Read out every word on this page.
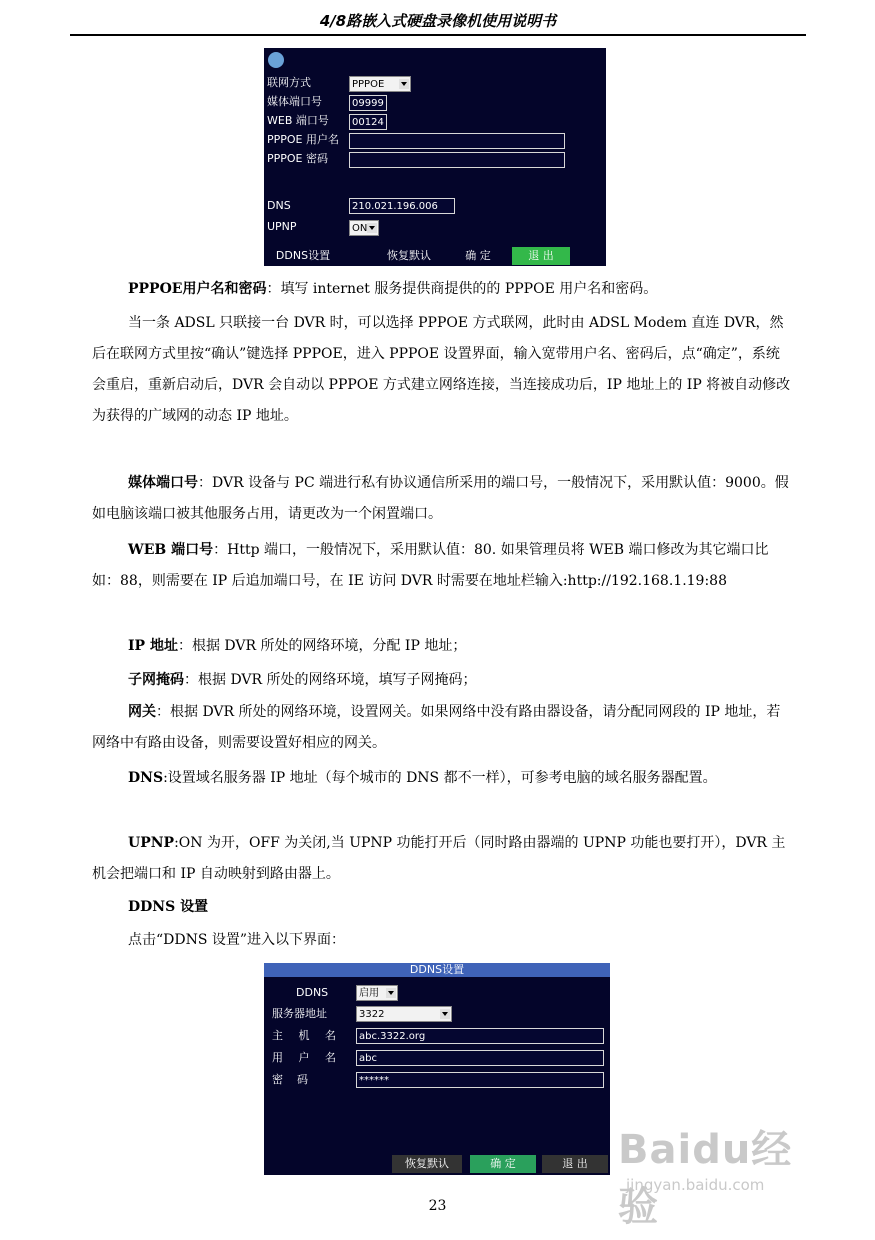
4/8路嵌入式硬盘录像机使用说明书
联网方式	PPPOE
媒体端口号	09999
WEB 端口号	00124
PPPOE 用户名
PPPOE 密码
DNS	210.021.196.006
UPNP	ON
DDNS设置	恢复默认	确 定	退 出
PPPOE用户名和密码：填写 internet 服务提供商提供的的 PPPOE 用户名和密码。
当一条 ADSL 只联接一台 DVR 时，可以选择 PPPOE 方式联网，此时由 ADSL Modem 直连 DVR，然后在联网方式里按“确认”键选择 PPPOE，进入 PPPOE 设置界面，输入宽带用户名、密码后，点“确定”，系统会重启，重新启动后，DVR 会自动以 PPPOE 方式建立网络连接，当连接成功后，IP 地址上的 IP 将被自动修改为获得的广域网的动态 IP 地址。
媒体端口号：DVR 设备与 PC 端进行私有协议通信所采用的端口号，一般情况下，采用默认值：9000。假如电脑该端口被其他服务占用，请更改为一个闲置端口。
WEB 端口号：Http 端口，一般情况下，采用默认值：80. 如果管理员将 WEB 端口修改为其它端口比如：88，则需要在 IP 后追加端口号，在 IE 访问 DVR 时需要在地址栏输入:http://192.168.1.19:88
IP 地址：根据 DVR 所处的网络环境，分配 IP 地址；
子网掩码：根据 DVR 所处的网络环境，填写子网掩码；
网关：根据 DVR 所处的网络环境，设置网关。如果网络中没有路由器设备，请分配同网段的 IP 地址，若网络中有路由设备，则需要设置好相应的网关。
DNS:设置域名服务器 IP 地址（每个城市的 DNS 都不一样），可参考电脑的域名服务器配置。
UPNP:ON 为开，OFF 为关闭,当 UPNP 功能打开后（同时路由器端的 UPNP 功能也要打开），DVR 主机会把端口和 IP 自动映射到路由器上。
DDNS 设置
点击“DDNS 设置”进入以下界面：
DDNS设置
DDNS	启用
服务器地址	3322
主 机 名	abc.3322.org
用 户 名	abc
密    码	******
恢复默认	确 定	退 出
23
Baidu经验
jingyan.baidu.com
